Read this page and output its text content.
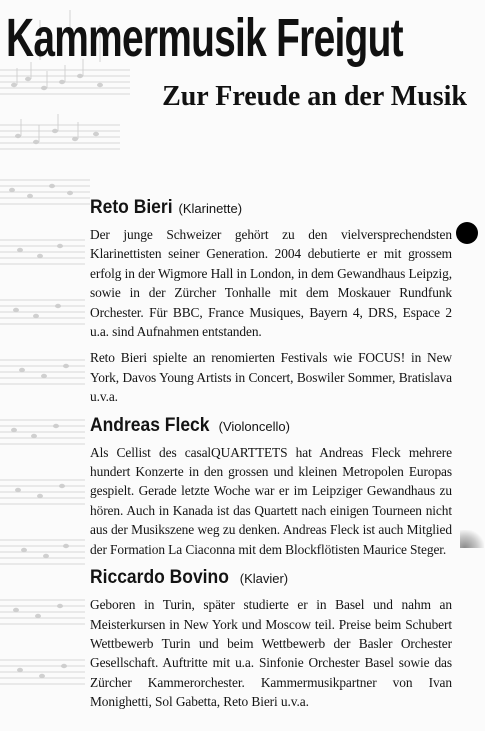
Kammermusik Freigut
Zur Freude an der Musik
Reto Bieri (Klarinette)

Der junge Schweizer gehört zu den vielversprechendsten Klarinettisten seiner Generation. 2004 debutierte er mit grossem erfolg in der Wigmore Hall in London, in dem Gewandhaus Leipzig, sowie in der Zürcher Tonhalle mit dem Moskauer Rundfunk Orchester. Für BBC, France Musiques, Bayern 4, DRS, Espace 2 u.a. sind Aufnahmen entstanden.

Reto Bieri spielte an renomierten Festivals wie FOCUS! in New York, Davos Young Artists in Concert, Boswiler Sommer, Bratislava u.v.a.

Andreas Fleck (Violoncello)

Als Cellist des casalQUARTTETS hat Andreas Fleck mehrere hundert Konzerte in den grossen und kleinen Metropolen Europas gespielt. Gerade letzte Woche war er im Leipziger Gewandhaus zu hören. Auch in Kanada ist das Quartett nach einigen Tourneen nicht aus der Musikszene weg zu denken. Andreas Fleck ist auch Mitglied der Formation La Ciaconna mit dem Blockflötisten Maurice Steger.

Riccardo Bovino (Klavier)

Geboren in Turin, später studierte er in Basel und nahm an Meisterkursen in New York und Moscow teil. Preise beim Schubert Wettbewerb Turin und beim Wettbewerb der Basler Orchester Gesellschaft. Auftritte mit u.a. Sinfonie Orchester Basel sowie das Zürcher Kammerorchester. Kammermusikpartner von Ivan Monighetti, Sol Gabetta, Reto Bieri u.v.a.
